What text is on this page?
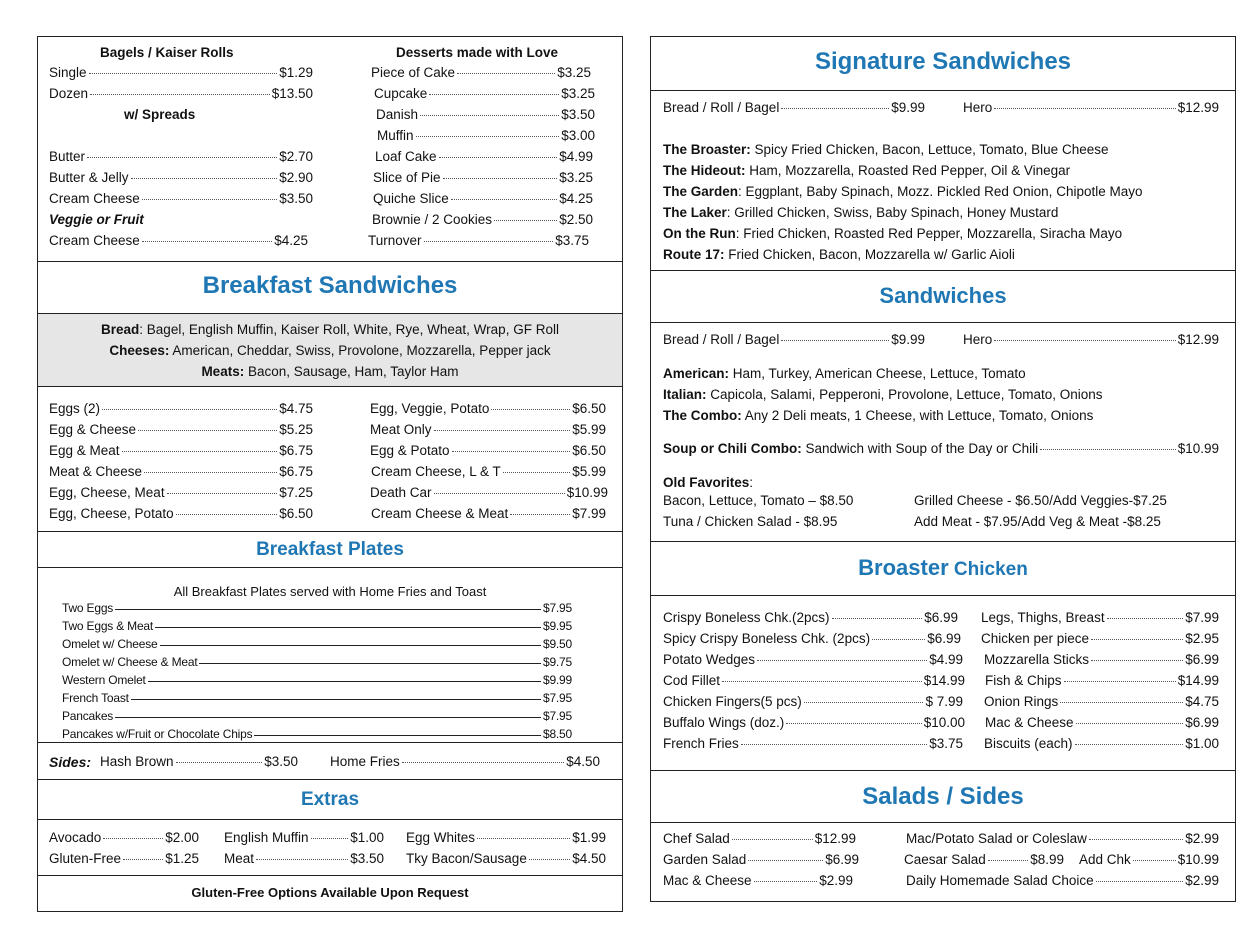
Bagels / Kaiser Rolls
Single	$1.29
Dozen	$13.50
w/ Spreads
Butter	$2.70
Butter & Jelly	$2.90
Cream Cheese	$3.50
Veggie or Fruit
Cream Cheese	$4.25
Desserts made with Love
Piece of Cake	$3.25
Cupcake	$3.25
Danish	$3.50
Muffin	$3.00
Loaf Cake	$4.99
Slice of Pie	$3.25
Quiche Slice	$4.25
Brownie / 2 Cookies	$2.50
Turnover	$3.75
Breakfast Sandwiches
Bread: Bagel, English Muffin, Kaiser Roll, White, Rye, Wheat, Wrap, GF Roll
Cheeses: American, Cheddar, Swiss, Provolone, Mozzarella, Pepper jack
Meats: Bacon, Sausage, Ham, Taylor Ham
Eggs (2)	$4.75
Egg & Cheese	$5.25
Egg & Meat	$6.75
Meat & Cheese	$6.75
Egg, Cheese, Meat	$7.25
Egg, Cheese, Potato	$6.50
Egg, Veggie, Potato	$6.50
Meat Only	$5.99
Egg & Potato	$6.50
Cream Cheese, L & T	$5.99
Death Car	$10.99
Cream Cheese & Meat	$7.99
Breakfast Plates
All Breakfast Plates served with Home Fries and Toast
Two Eggs	$7.95
Two Eggs & Meat	$9.95
Omelet w/ Cheese	$9.50
Omelet w/ Cheese & Meat	$9.75
Western Omelet	$9.99
French Toast	$7.95
Pancakes	$7.95
Pancakes w/Fruit or Chocolate Chips	$8.50
Sides: Hash Brown	$3.50 Home Fries	$4.50
Extras
Avocado	$2.00 English Muffin	$1.00 Egg Whites	$1.99
Gluten-Free	$1.25 Meat	$3.50 Tky Bacon/Sausage	$4.50
Gluten-Free Options Available Upon Request
Signature Sandwiches
Bread / Roll / Bagel	$9.99	Hero	$12.99
The Broaster: Spicy Fried Chicken, Bacon, Lettuce, Tomato, Blue Cheese
The Hideout: Ham, Mozzarella, Roasted Red Pepper, Oil & Vinegar
The Garden: Eggplant, Baby Spinach, Mozz. Pickled Red Onion, Chipotle Mayo
The Laker: Grilled Chicken, Swiss, Baby Spinach, Honey Mustard
On the Run: Fried Chicken, Roasted Red Pepper, Mozzarella, Siracha Mayo
Route 17: Fried Chicken, Bacon, Mozzarella w/ Garlic Aioli
Sandwiches
Bread / Roll / Bagel	$9.99	Hero	$12.99
American: Ham, Turkey, American Cheese, Lettuce, Tomato
Italian: Capicola, Salami, Pepperoni, Provolone, Lettuce, Tomato, Onions
The Combo: Any 2 Deli meats, 1 Cheese, with Lettuce, Tomato, Onions
Soup or Chili Combo: Sandwich with Soup of the Day or Chili	$10.99
Old Favorites:
Bacon, Lettuce, Tomato – $8.50	Grilled Cheese - $6.50/Add Veggies-$7.25
Tuna / Chicken Salad - $8.95	Add Meat - $7.95/Add Veg & Meat -$8.25
Broaster Chicken
Crispy Boneless Chk.(2pcs)	$6.99
Spicy Crispy Boneless Chk. (2pcs)	$6.99
Potato Wedges	$4.99
Cod Fillet	$14.99
Chicken Fingers(5 pcs)	$ 7.99
Buffalo Wings (doz.)	$10.00
French Fries	$3.75
Legs, Thighs, Breast	$7.99
Chicken per piece	$2.95
Mozzarella Sticks	$6.99
Fish & Chips	$14.99
Onion Rings	$4.75
Mac & Cheese	$6.99
Biscuits (each)	$1.00
Salads / Sides
Chef Salad	$12.99
Garden Salad	$6.99
Mac & Cheese	$2.99
Mac/Potato Salad or Coleslaw	$2.99
Caesar Salad	$8.99 Add Chk	$10.99
Daily Homemade Salad Choice	$2.99
